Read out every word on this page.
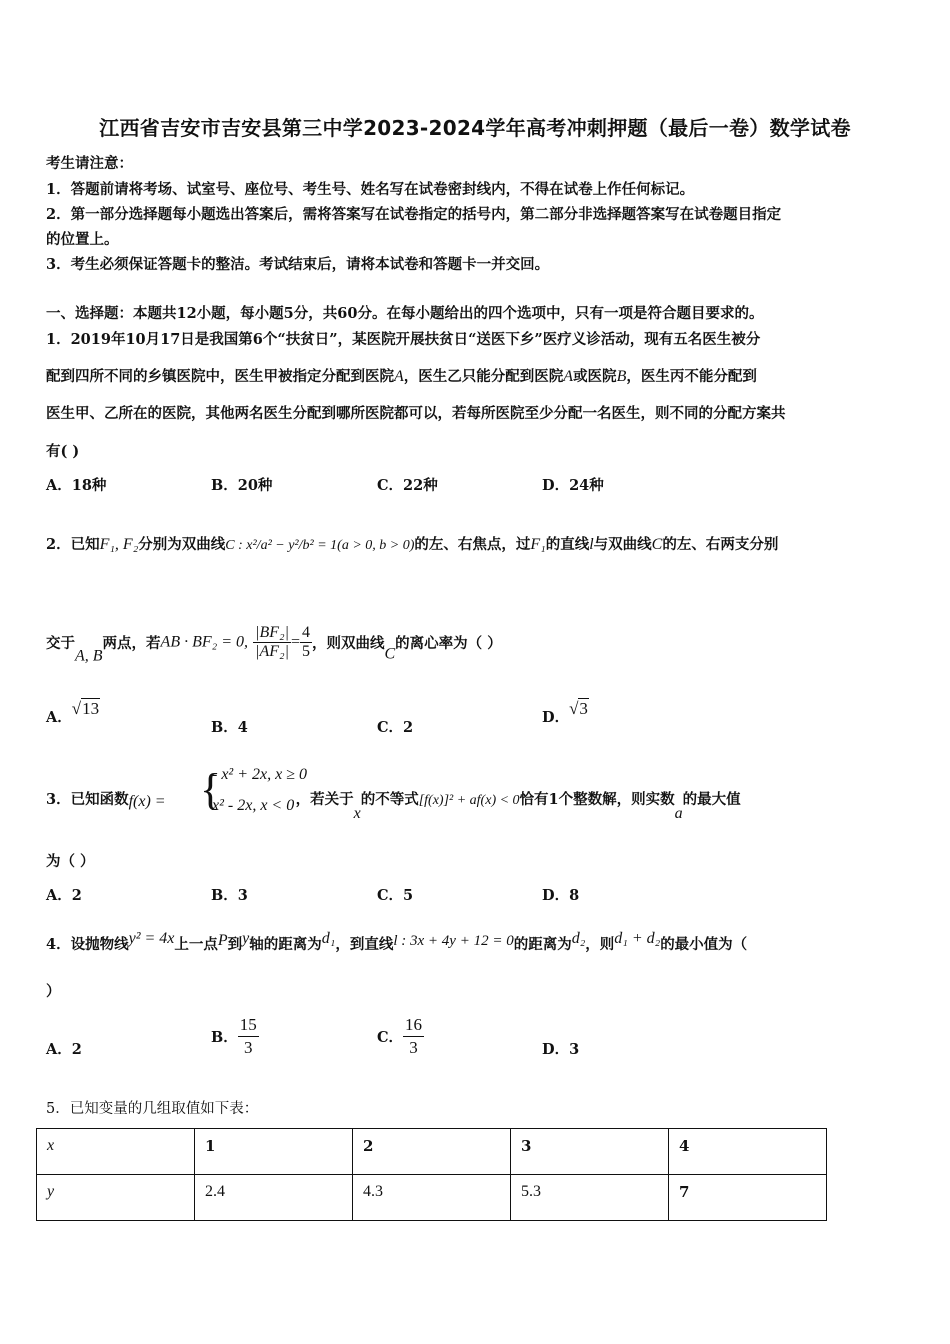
江西省吉安市吉安县第三中学2023-2024学年高考冲刺押题（最后一卷）数学试卷
考生请注意：
1．答题前请将考场、试室号、座位号、考生号、姓名写在试卷密封线内，不得在试卷上作任何标记。
2．第一部分选择题每小题选出答案后，需将答案写在试卷指定的括号内，第二部分非选择题答案写在试卷题目指定
的位置上。
3．考生必须保证答题卡的整洁。考试结束后，请将本试卷和答题卡一并交回。
一、选择题：本题共12小题，每小题5分，共60分。在每小题给出的四个选项中，只有一项是符合题目要求的。
1．2019年10月17日是我国第6个“扶贫日”，某医院开展扶贫日“送医下乡”医疗义诊活动，现有五名医生被分
配到四所不同的乡镇医院中，医生甲被指定分配到医院A，医生乙只能分配到医院A或医院B，医生丙不能分配到
医生甲、乙所在的医院，其他两名医生分配到哪所医院都可以，若每所医院至少分配一名医生，则不同的分配方案共
有( )
A．18种	B．20种	C．22种	D．24种
2．已知F₁, F₂分别为双曲线C : x²/a² − y²/b² = 1(a > 0, b > 0)的左、右焦点，过F₁的直线l与双曲线C的左、右两支分别
交于A, B两点，若AB · BF₂ = 0, $\frac{\text{|BF₂|}}{\text{|AF₂|}} = \frac{4}{5}$ ，则双曲线C的离心率为（ ）
A．√13
B．4	C．2
D．√3
3．已知函数f(x) =	，若关于x的不等式[f(x)]² + af(x) < 0恰有1个整数解，则实数a的最大值
{
- x² + 2x, x ≥ 0
x² - 2x, x < 0
为（ ）
A．2	B．3	C．5	D．8
4．设抛物线y² = 4x上一点P到y轴的距离为d₁，到直线l : 3x + 4y + 12 = 0的距离为d₂，则d₁ + d₂的最小值为（
）
A．2
B． $\frac{15}{3}$	C． $\frac{16}{3}$	D．3
5．已知变量的几组取值如下表：
x	1	2	3	4
y	2.4	4.3	5.3	7
